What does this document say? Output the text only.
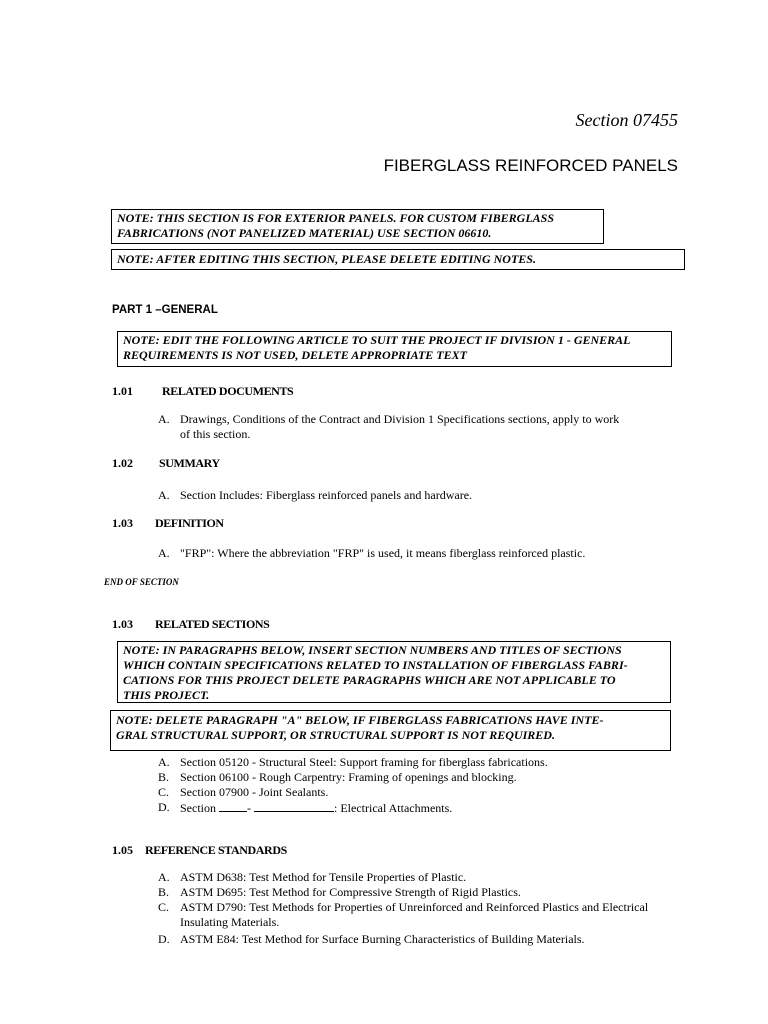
Section 07455
FIBERGLASS REINFORCED PANELS
NOTE: THIS SECTION IS FOR EXTERIOR PANELS. FOR CUSTOM FIBERGLASS
FABRICATIONS (NOT PANELIZED MATERIAL) USE SECTION 06610.
NOTE: AFTER EDITING THIS SECTION, PLEASE DELETE EDITING NOTES.
PART 1 –GENERAL
NOTE: EDIT THE FOLLOWING ARTICLE TO SUIT THE PROJECT IF DIVISION 1 - GENERAL
REQUIREMENTS IS NOT USED, DELETE APPROPRIATE TEXT
1.01 RELATED DOCUMENTS
A. Drawings, Conditions of the Contract and Division 1 Specifications sections, apply to work
of this section.
1.02 SUMMARY
A. Section Includes: Fiberglass reinforced panels and hardware.
1.03 DEFINITION
A. "FRP": Where the abbreviation "FRP" is used, it means fiberglass reinforced plastic.
END OF SECTION
1.03 RELATED SECTIONS
NOTE: IN PARAGRAPHS BELOW, INSERT SECTION NUMBERS AND TITLES OF SECTIONS
WHICH CONTAIN SPECIFICATIONS RELATED TO INSTALLATION OF FIBERGLASS FABRI-
CATIONS FOR THIS PROJECT DELETE PARAGRAPHS WHICH ARE NOT APPLICABLE TO
THIS PROJECT.
NOTE: DELETE PARAGRAPH "A" BELOW, IF FIBERGLASS FABRICATIONS HAVE INTE-
GRAL STRUCTURAL SUPPORT, OR STRUCTURAL SUPPORT IS NOT REQUIRED.
A. Section 05120 - Structural Steel: Support framing for fiberglass fabrications.
B. Section 06100 - Rough Carpentry: Framing of openings and blocking.
C. Section 07900 - Joint Sealants.
D. Section	-	: Electrical Attachments.
1.05 REFERENCE STANDARDS
A. ASTM D638: Test Method for Tensile Properties of Plastic.
B. ASTM D695: Test Method for Compressive Strength of Rigid Plastics.
C. ASTM D790: Test Methods for Properties of Unreinforced and Reinforced Plastics and Electrical
Insulating Materials.
D. ASTM E84: Test Method for Surface Burning Characteristics of Building Materials.
